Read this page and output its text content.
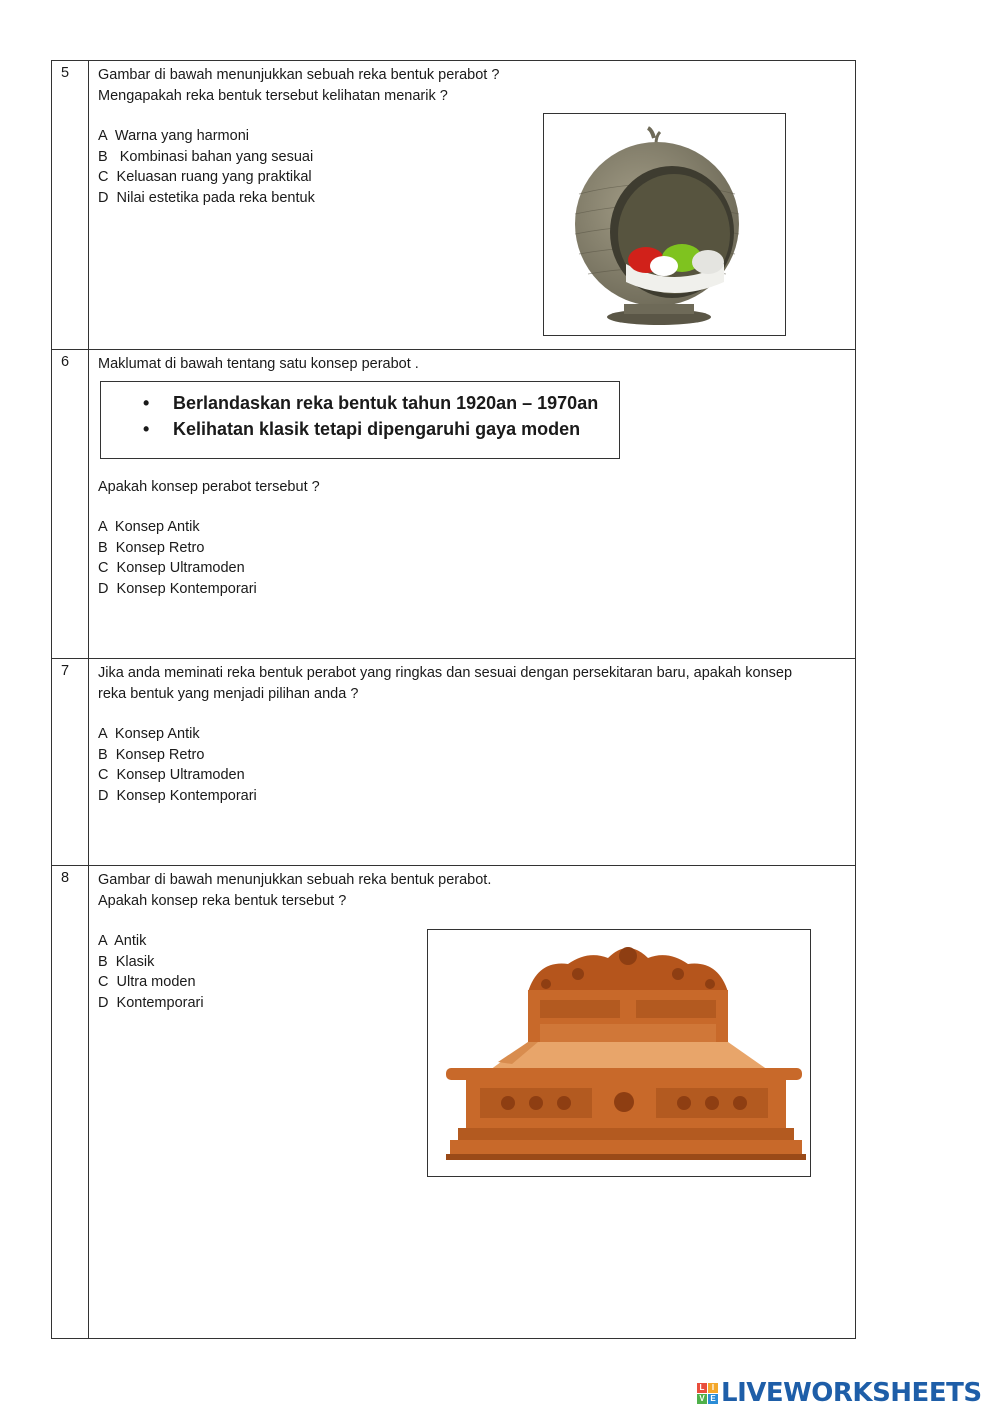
5	Gambar di bawah menunjukkan sebuah reka bentuk perabot ?
Mengapakah reka bentuk tersebut kelihatan menarik ?
A  Warna yang harmoni
B   Kombinasi bahan yang sesuai
C  Keluasan ruang yang praktikal
D  Nilai estetika pada reka bentuk
6	Maklumat di bawah tentang satu konsep perabot .
• Berlandaskan reka bentuk tahun 1920an – 1970an
• Kelihatan klasik tetapi dipengaruhi gaya moden
Apakah konsep perabot tersebut ?
A  Konsep Antik
B  Konsep Retro
C  Konsep Ultramoden
D  Konsep Kontemporari
7	Jika anda meminati reka bentuk perabot yang ringkas dan sesuai dengan persekitaran baru, apakah konsep
reka bentuk yang menjadi pilihan anda ?
A  Konsep Antik
B  Konsep Retro
C  Konsep Ultramoden
D  Konsep Kontemporari
8	Gambar di bawah menunjukkan sebuah reka bentuk perabot.
Apakah konsep reka bentuk tersebut ?
A  Antik
B  Klasik
C  Ultra moden
D  Kontemporari
L I
V E LIVEWORKSHEETS
